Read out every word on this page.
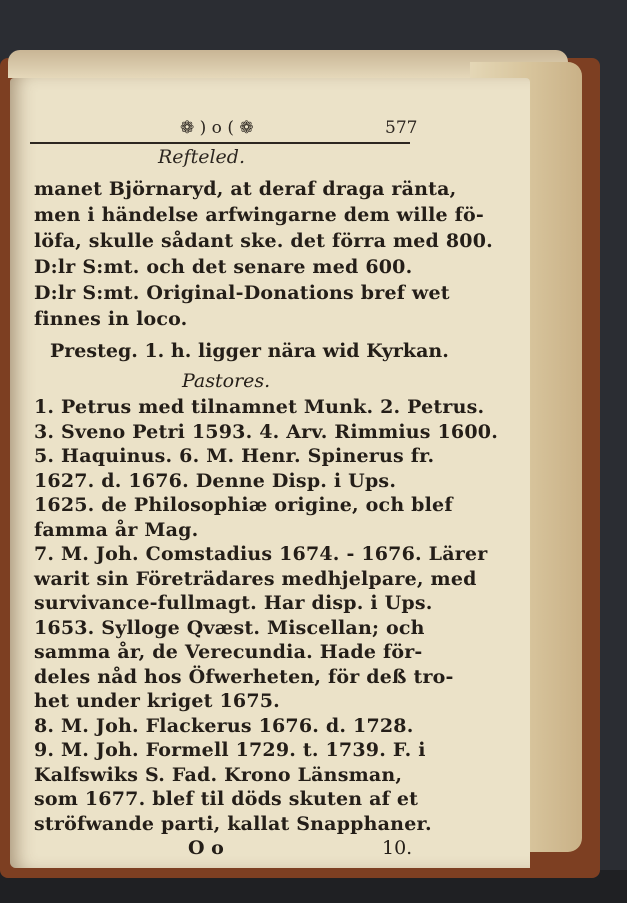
❁ ) o ( ❁	577
Refteled.
manet Björnaryd, at deraf draga ränta,
men i händelse arfwingarne dem wille fö-
löfa, skulle sådant ske. det förra med 800.
D:lr S:mt. och det senare med 600.
D:lr S:mt. Original-Donations bref wet
finnes in loco.
Presteg. 1. h. ligger nära wid Kyrkan.
Pastores.
1. Petrus med tilnamnet Munk. 2. Petrus.
3. Sveno Petri 1593. 4. Arv. Rimmius 1600.
5. Haquinus. 6. M. Henr. Spinerus fr.
1627. d. 1676. Denne Disp. i Ups.
1625. de Philosophiæ origine, och blef
famma år Mag.
7. M. Joh. Comstadius 1674. - 1676. Lärer
warit sin Företrädares medhjelpare, med
survivance-fullmagt. Har disp. i Ups.
1653. Sylloge Qvæst. Miscellan; och
samma år, de Verecundia. Hade för-
deles nåd hos Öfwerheten, för deß tro-
het under kriget 1675.
8. M. Joh. Flackerus 1676. d. 1728.
9. M. Joh. Formell 1729. t. 1739. F. i
Kalfswiks S. Fad. Krono Länsman,
som 1677. blef til döds skuten af et
O o	10.
ströfwande parti, kallat Snapphaner.
